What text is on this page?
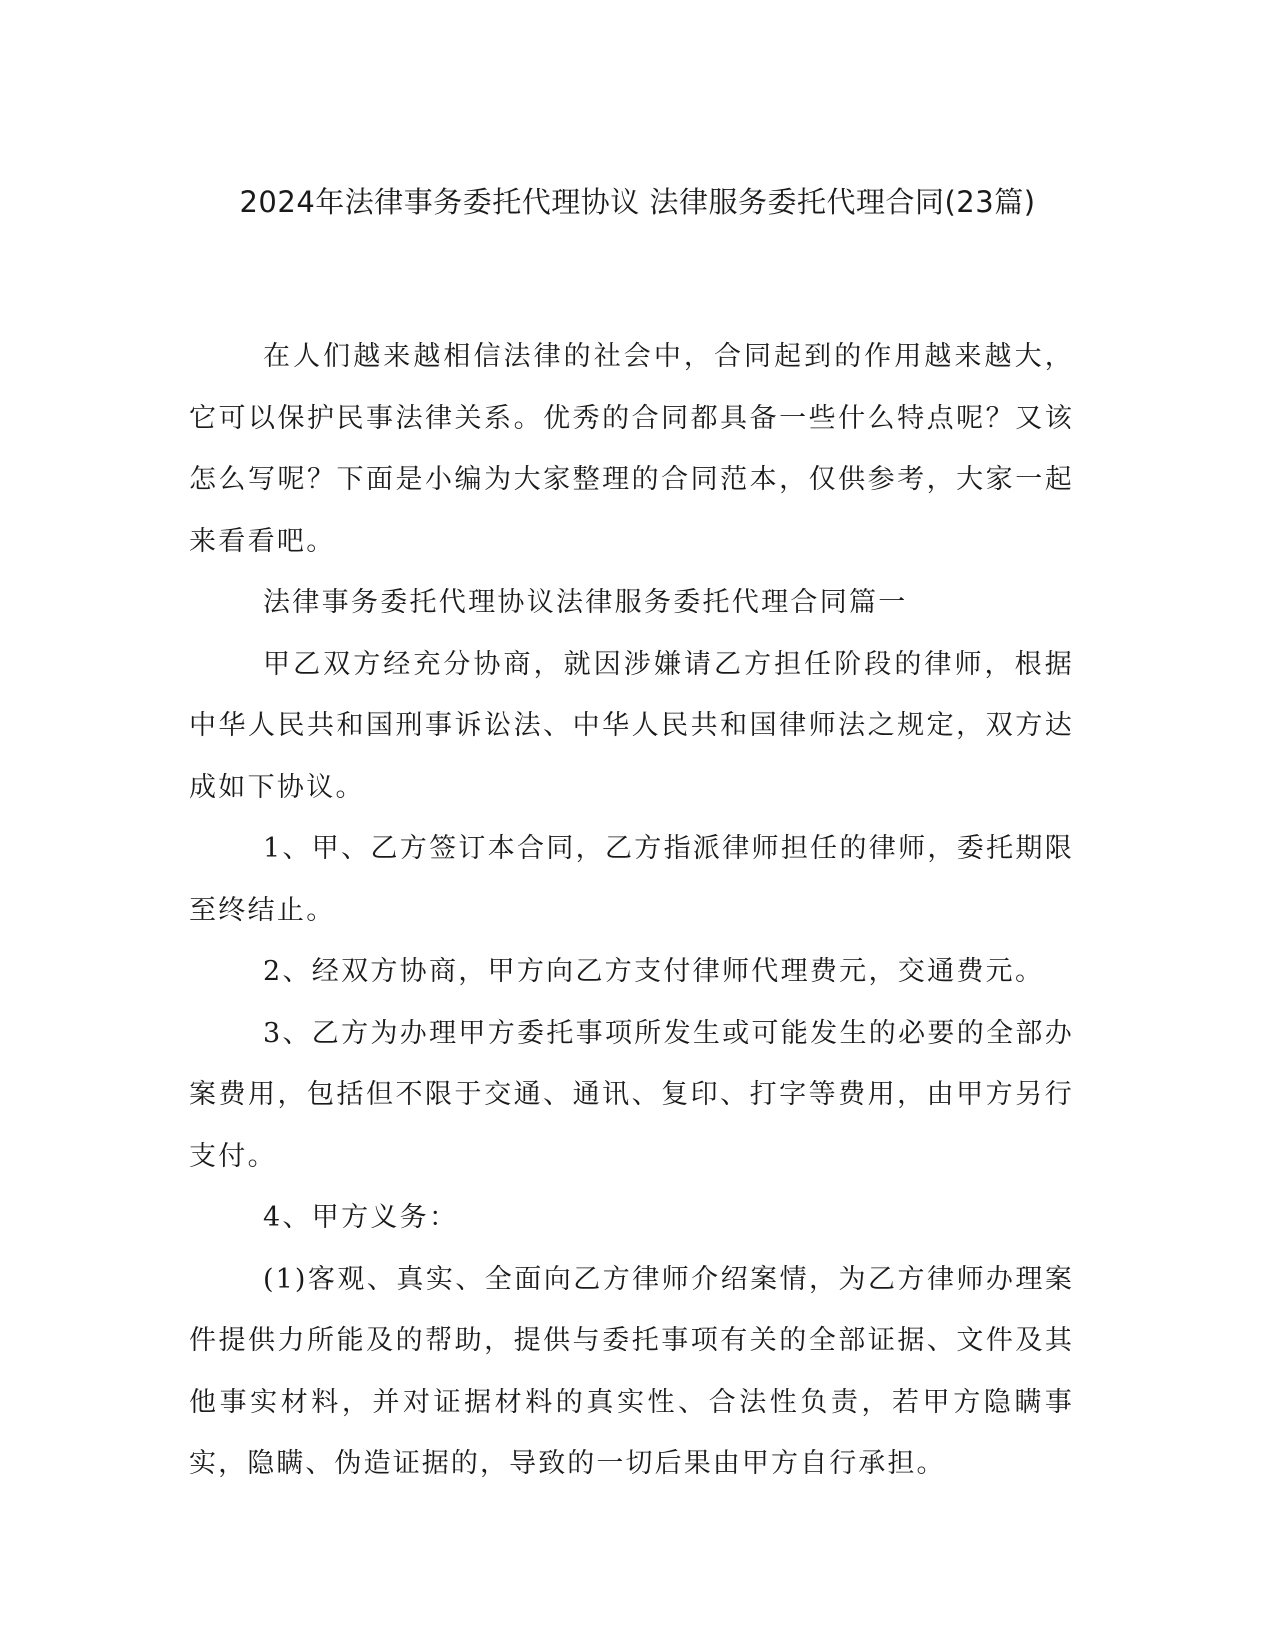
2024年法律事务委托代理协议 法律服务委托代理合同(23篇)

在人们越来越相信法律的社会中，合同起到的作用越来越大，它可以保护民事法律关系。优秀的合同都具备一些什么特点呢？又该怎么写呢？下面是小编为大家整理的合同范本，仅供参考，大家一起来看看吧。

法律事务委托代理协议法律服务委托代理合同篇一

甲乙双方经充分协商，就因涉嫌请乙方担任阶段的律师，根据中华人民共和国刑事诉讼法、中华人民共和国律师法之规定，双方达成如下协议。

1、甲、乙方签订本合同，乙方指派律师担任的律师，委托期限至终结止。

2、经双方协商，甲方向乙方支付律师代理费元，交通费元。

3、乙方为办理甲方委托事项所发生或可能发生的必要的全部办案费用，包括但不限于交通、通讯、复印、打字等费用，由甲方另行支付。

4、甲方义务：

(1)客观、真实、全面向乙方律师介绍案情，为乙方律师办理案件提供力所能及的帮助，提供与委托事项有关的全部证据、文件及其他事实材料，并对证据材料的真实性、合法性负责，若甲方隐瞒事实，隐瞒、伪造证据的，导致的一切后果由甲方自行承担。
